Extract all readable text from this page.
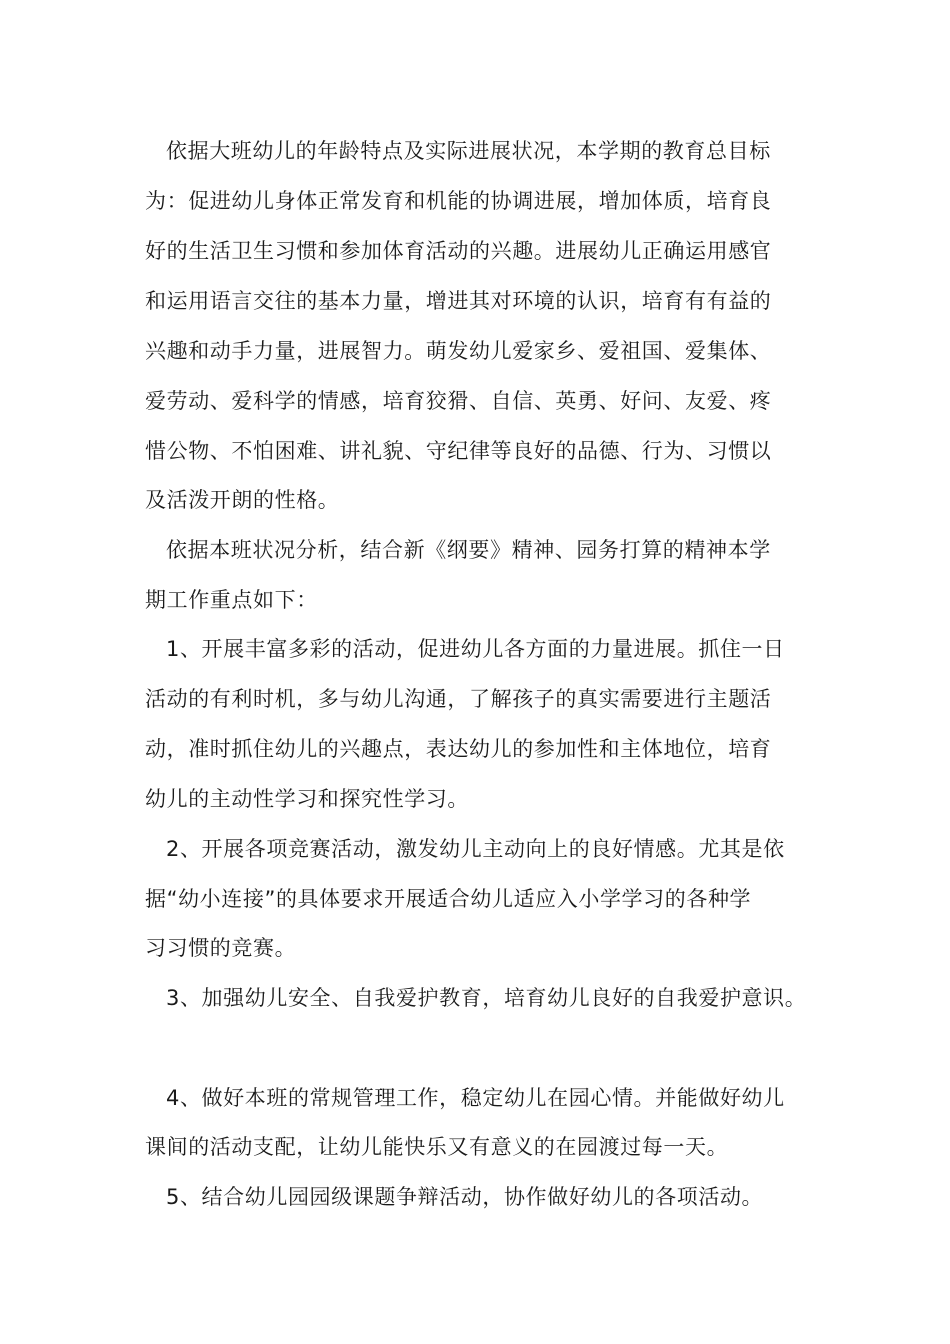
依据大班幼儿的年龄特点及实际进展状况，本学期的教育总目标

为：促进幼儿身体正常发育和机能的协调进展，增加体质，培育良

好的生活卫生习惯和参加体育活动的兴趣。进展幼儿正确运用感官

和运用语言交往的基本力量，增进其对环境的认识，培育有有益的

兴趣和动手力量，进展智力。萌发幼儿爱家乡、爱祖国、爱集体、

爱劳动、爱科学的情感，培育狡猾、自信、英勇、好问、友爱、疼

惜公物、不怕困难、讲礼貌、守纪律等良好的品德、行为、习惯以

及活泼开朗的性格。

依据本班状况分析，结合新《纲要》精神、园务打算的精神本学

期工作重点如下：

1、开展丰富多彩的活动，促进幼儿各方面的力量进展。抓住一日

活动的有利时机，多与幼儿沟通，了解孩子的真实需要进行主题活

动，准时抓住幼儿的兴趣点，表达幼儿的参加性和主体地位，培育

幼儿的主动性学习和探究性学习。

2、开展各项竞赛活动，激发幼儿主动向上的良好情感。尤其是依

据“幼小连接”的具体要求开展适合幼儿适应入小学学习的各种学

习习惯的竞赛。

3、加强幼儿安全、自我爱护教育，培育幼儿良好的自我爱护意识。

4、做好本班的常规管理工作，稳定幼儿在园心情。并能做好幼儿

课间的活动支配，让幼儿能快乐又有意义的在园渡过每一天。

5、结合幼儿园园级课题争辩活动，协作做好幼儿的各项活动。
